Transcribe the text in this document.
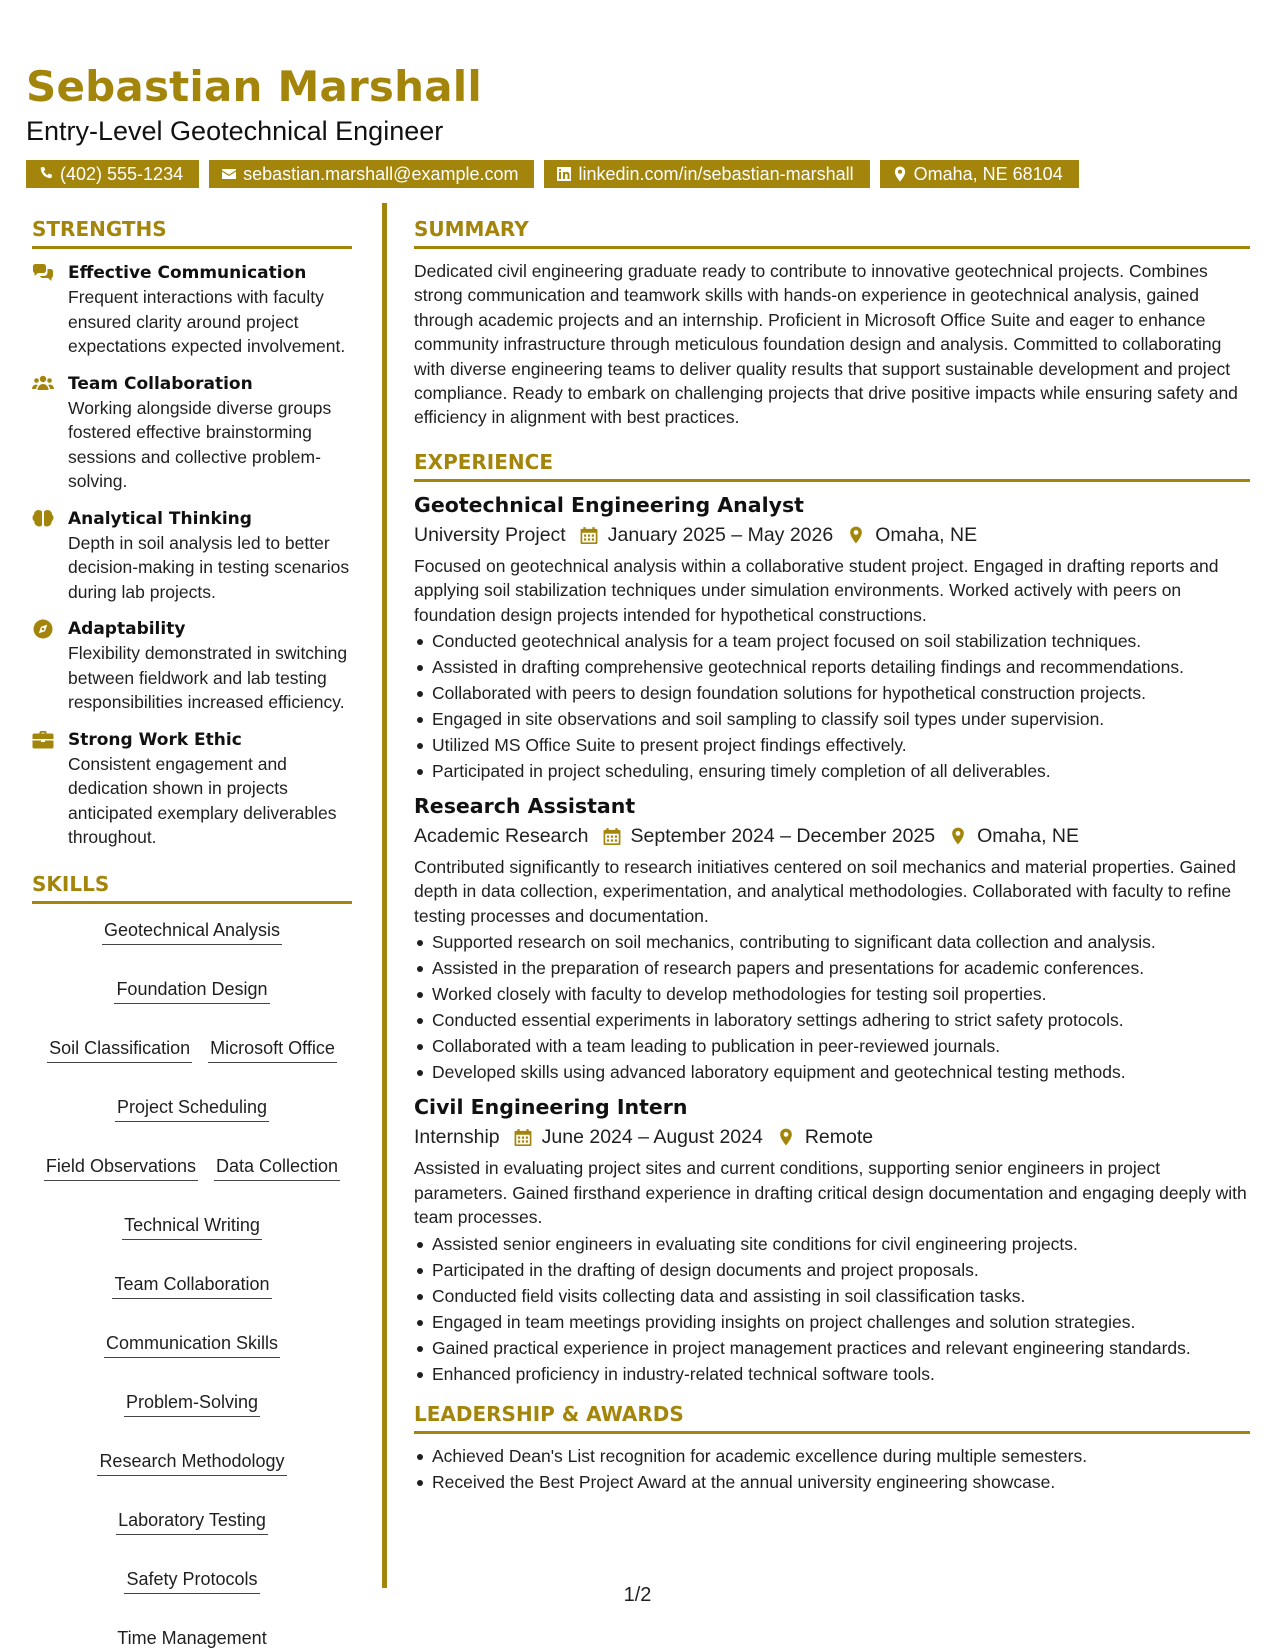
Sebastian Marshall
Entry-Level Geotechnical Engineer
(402) 555-1234	sebastian.marshall@example.com	linkedin.com/in/sebastian-marshall	Omaha, NE 68104
STRENGTHS
Effective Communication
Frequent interactions with faculty ensured clarity around project expectations expected involvement.
Team Collaboration
Working alongside diverse groups fostered effective brainstorming sessions and collective problem-solving.
Analytical Thinking
Depth in soil analysis led to better decision-making in testing scenarios during lab projects.
Adaptability
Flexibility demonstrated in switching between fieldwork and lab testing responsibilities increased efficiency.
Strong Work Ethic
Consistent engagement and dedication shown in projects anticipated exemplary deliverables throughout.
SKILLS
Geotechnical Analysis
Foundation Design
Soil Classification Microsoft Office
Project Scheduling
Field Observations Data Collection
Technical Writing
Team Collaboration
Communication Skills
Problem-Solving
Research Methodology
Laboratory Testing
Safety Protocols
Time Management
SUMMARY
Dedicated civil engineering graduate ready to contribute to innovative geotechnical projects. Combines strong communication and teamwork skills with hands-on experience in geotechnical analysis, gained through academic projects and an internship. Proficient in Microsoft Office Suite and eager to enhance community infrastructure through meticulous foundation design and analysis. Committed to collaborating with diverse engineering teams to deliver quality results that support sustainable development and project compliance. Ready to embark on challenging projects that drive positive impacts while ensuring safety and efficiency in alignment with best practices.
EXPERIENCE
Geotechnical Engineering Analyst
University Project January 2025 – May 2026 Omaha, NE
Focused on geotechnical analysis within a collaborative student project. Engaged in drafting reports and applying soil stabilization techniques under simulation environments. Worked actively with peers on foundation design projects intended for hypothetical constructions.
Conducted geotechnical analysis for a team project focused on soil stabilization techniques.
Assisted in drafting comprehensive geotechnical reports detailing findings and recommendations.
Collaborated with peers to design foundation solutions for hypothetical construction projects.
Engaged in site observations and soil sampling to classify soil types under supervision.
Utilized MS Office Suite to present project findings effectively.
Participated in project scheduling, ensuring timely completion of all deliverables.
Research Assistant
Academic Research September 2024 – December 2025 Omaha, NE
Contributed significantly to research initiatives centered on soil mechanics and material properties. Gained depth in data collection, experimentation, and analytical methodologies. Collaborated with faculty to refine testing processes and documentation.
Supported research on soil mechanics, contributing to significant data collection and analysis.
Assisted in the preparation of research papers and presentations for academic conferences.
Worked closely with faculty to develop methodologies for testing soil properties.
Conducted essential experiments in laboratory settings adhering to strict safety protocols.
Collaborated with a team leading to publication in peer-reviewed journals.
Developed skills using advanced laboratory equipment and geotechnical testing methods.
Civil Engineering Intern
Internship June 2024 – August 2024 Remote
Assisted in evaluating project sites and current conditions, supporting senior engineers in project parameters. Gained firsthand experience in drafting critical design documentation and engaging deeply with team processes.
Assisted senior engineers in evaluating site conditions for civil engineering projects.
Participated in the drafting of design documents and project proposals.
Conducted field visits collecting data and assisting in soil classification tasks.
Engaged in team meetings providing insights on project challenges and solution strategies.
Gained practical experience in project management practices and relevant engineering standards.
Enhanced proficiency in industry-related technical software tools.
LEADERSHIP & AWARDS
Achieved Dean's List recognition for academic excellence during multiple semesters.
Received the Best Project Award at the annual university engineering showcase.
1/2
